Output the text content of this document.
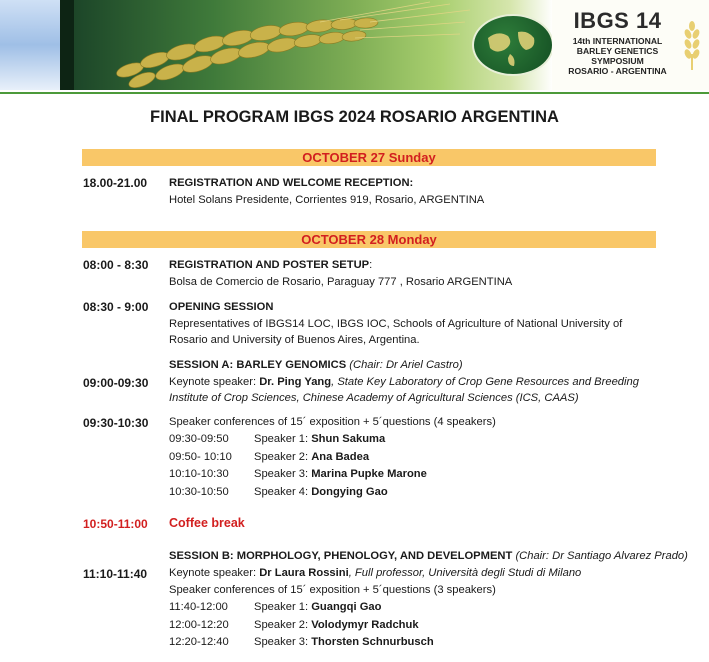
IBGS 14
14th INTERNATIONAL
BARLEY GENETICS
SYMPOSIUM
ROSARIO - ARGENTINA
FINAL PROGRAM IBGS 2024 ROSARIO ARGENTINA
OCTOBER 27 Sunday
18.00-21.00 REGISTRATION AND WELCOME RECEPTION:
Hotel Solans Presidente, Corrientes 919, Rosario, ARGENTINA
OCTOBER 28 Monday
08:00 - 8:30 REGISTRATION AND POSTER SETUP:
Bolsa de Comercio de Rosario, Paraguay 777 , Rosario ARGENTINA
08:30 - 9:00 OPENING SESSION
Representatives of IBGS14 LOC, IBGS IOC, Schools of Agriculture of National University of Rosario and University of Buenos Aires, Argentina.
SESSION A: BARLEY GENOMICS (Chair: Dr Ariel Castro)
09:00-09:30 Keynote speaker: Dr. Ping Yang, State Key Laboratory of Crop Gene Resources and Breeding Institute of Crop Sciences, Chinese Academy of Agricultural Sciences (ICS, CAAS)
09:30-10:30 Speaker conferences of 15´ exposition + 5´questions (4 speakers)
09:30-09:50 Speaker 1: Shun Sakuma
09:50- 10:10 Speaker 2: Ana Badea
10:10-10:30 Speaker 3: Marina Pupke Marone
10:30-10:50 Speaker 4: Dongying Gao
10:50-11:00 Coffee break
SESSION B: MORPHOLOGY, PHENOLOGY, AND DEVELOPMENT (Chair: Dr Santiago Alvarez Prado)
11:10-11:40 Keynote speaker: Dr Laura Rossini, Full professor, Università degli Studi di Milano
Speaker conferences of 15´ exposition + 5´questions (3 speakers)
11:40-12:00 Speaker 1: Guangqi Gao
12:00-12:20 Speaker 2: Volodymyr Radchuk
12:20-12:40 Speaker 3: Thorsten Schnurbusch
